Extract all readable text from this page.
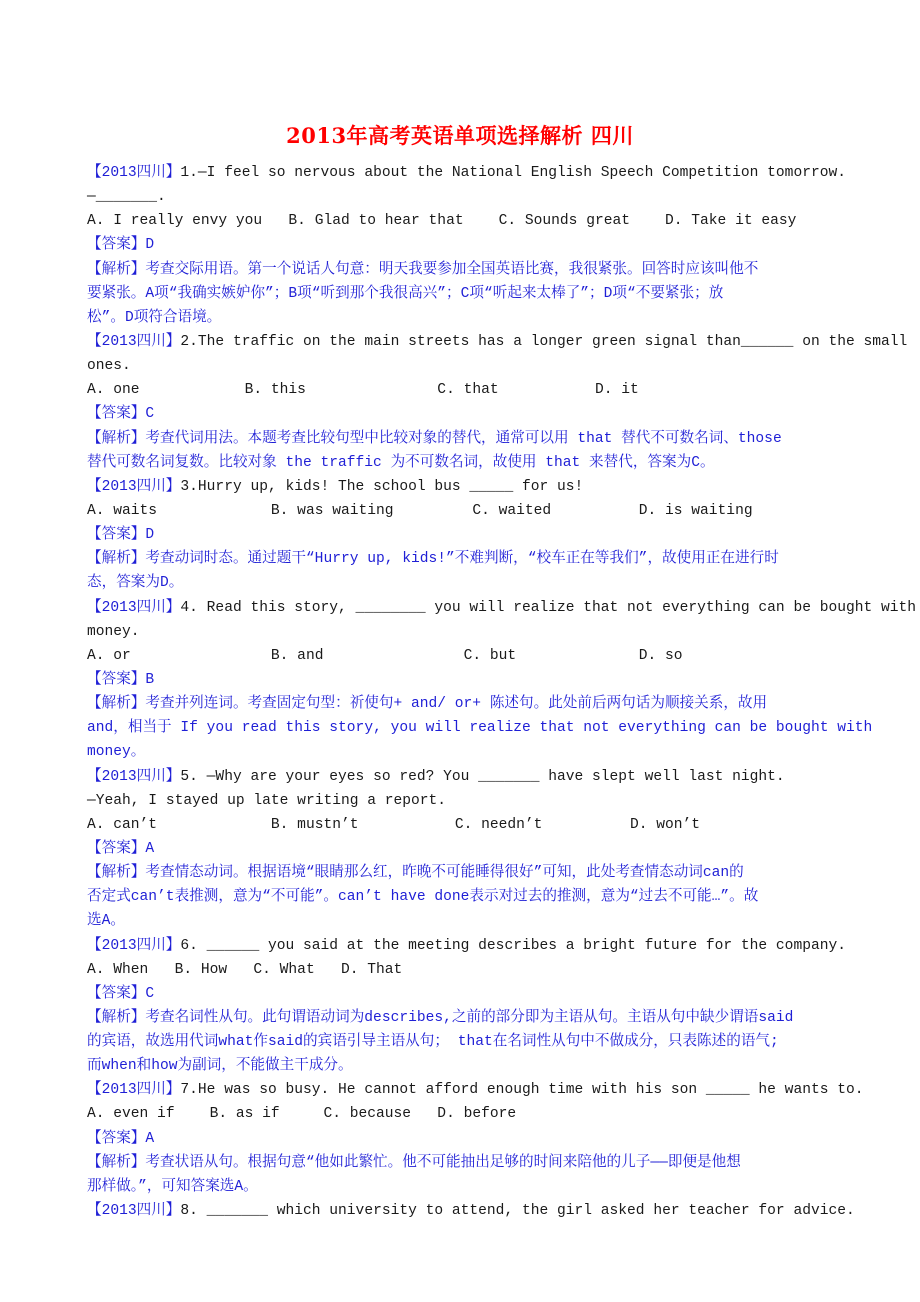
2013年高考英语单项选择解析 四川
【2013四川】1.—I feel so nervous about the National English Speech Competition tomorrow.
—_______.
A. I really envy you   B. Glad to hear that    C. Sounds great    D. Take it easy
【答案】D
【解析】考查交际用语。第一个说话人句意：明天我要参加全国英语比赛，我很紧张。回答时应该叫他不
要紧张。A项“我确实嫉妒你”；B项“听到那个我很高兴”；C项“听起来太棒了”；D项“不要紧张；放
松”。D项符合语境。
【2013四川】2.The traffic on the main streets has a longer green signal than______ on the small
ones.
A. one            B. this               C. that           D. it
【答案】C
【解析】考查代词用法。本题考查比较句型中比较对象的替代，通常可以用 that 替代不可数名词、those
替代可数名词复数。比较对象 the traffic 为不可数名词，故使用 that 来替代，答案为C。
【2013四川】3.Hurry up, kids! The school bus _____ for us!
A. waits             B. was waiting         C. waited          D. is waiting
【答案】D
【解析】考查动词时态。通过题干“Hurry up, kids!”不难判断，“校车正在等我们”，故使用正在进行时
态，答案为D。
【2013四川】4. Read this story, ________ you will realize that not everything can be bought with
money.
A. or                B. and                C. but              D. so
【答案】B
【解析】考查并列连词。考查固定句型：祈使句+ and/ or+ 陈述句。此处前后两句话为顺接关系，故用
and，相当于 If you read this story, you will realize that not everything can be bought with
money。
【2013四川】5. —Why are your eyes so red? You _______ have slept well last night.
—Yeah, I stayed up late writing a report.
A. can’t             B. mustn’t           C. needn’t          D. won’t
【答案】A
【解析】考查情态动词。根据语境“眼睛那么红，昨晚不可能睡得很好”可知，此处考查情态动词can的
否定式can’t表推测，意为“不可能”。can’t have done表示对过去的推测，意为“过去不可能…”。故
选A。
【2013四川】6. ______ you said at the meeting describes a bright future for the company.
A. When   B. How   C. What   D. That
【答案】C
【解析】考查名词性从句。此句谓语动词为describes,之前的部分即为主语从句。主语从句中缺少谓语said
的宾语，故选用代词what作said的宾语引导主语从句； that在名词性从句中不做成分，只表陈述的语气;
而when和how为副词，不能做主干成分。
【2013四川】7.He was so busy. He cannot afford enough time with his son _____ he wants to.
A. even if    B. as if     C. because   D. before
【答案】A
【解析】考查状语从句。根据句意“他如此繁忙。他不可能抽出足够的时间来陪他的儿子——即便是他想
那样做。”，可知答案选A。
【2013四川】8. _______ which university to attend, the girl asked her teacher for advice.
